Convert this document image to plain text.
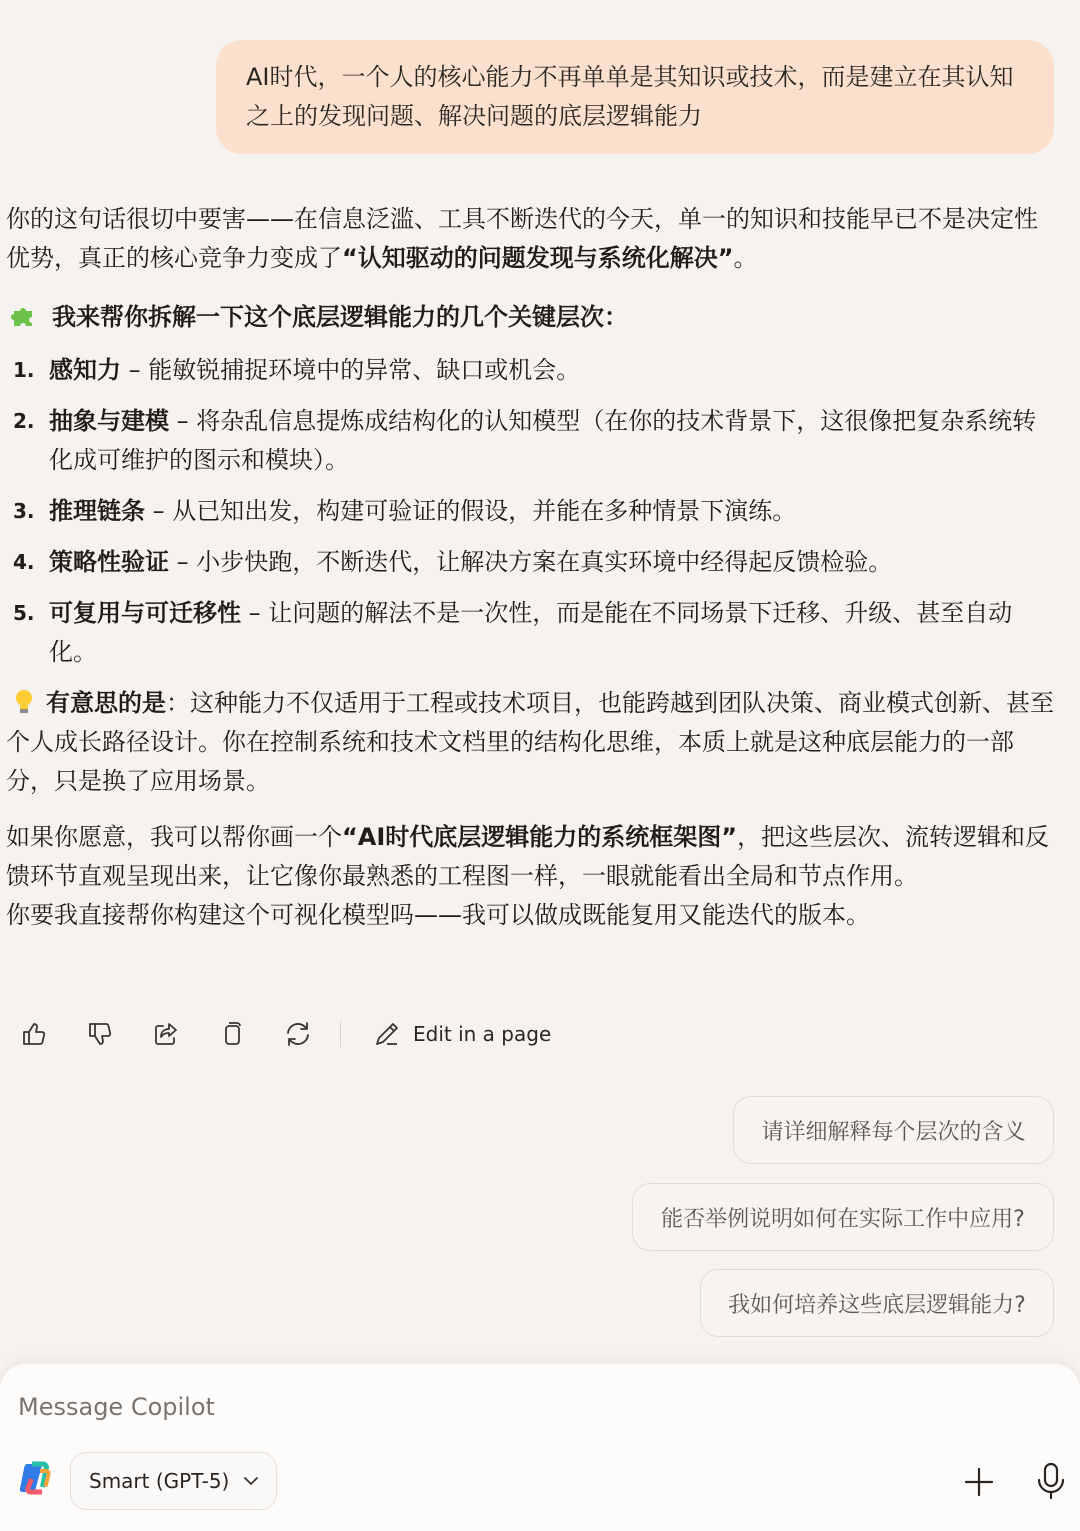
AI时代，一个人的核心能力不再单单是其知识或技术，而是建立在其认知之上的发现问题、解决问题的底层逻辑能力

你的这句话很切中要害——在信息泛滥、工具不断迭代的今天，单一的知识和技能早已不是决定性优势，真正的核心竞争力变成了“认知驱动的问题发现与系统化解决”。

我来帮你拆解一下这个底层逻辑能力的几个关键层次：
1. 感知力 – 能敏锐捕捉环境中的异常、缺口或机会。
2. 抽象与建模 – 将杂乱信息提炼成结构化的认知模型（在你的技术背景下，这很像把复杂系统转化成可维护的图示和模块）。
3. 推理链条 – 从已知出发，构建可验证的假设，并能在多种情景下演练。
4. 策略性验证 – 小步快跑，不断迭代，让解决方案在真实环境中经得起反馈检验。
5. 可复用与可迁移性 – 让问题的解法不是一次性，而是能在不同场景下迁移、升级、甚至自动化。

有意思的是：这种能力不仅适用于工程或技术项目，也能跨越到团队决策、商业模式创新、甚至个人成长路径设计。你在控制系统和技术文档里的结构化思维，本质上就是这种底层能力的一部分，只是换了应用场景。

如果你愿意，我可以帮你画一个“AI时代底层逻辑能力的系统框架图”，把这些层次、流转逻辑和反馈环节直观呈现出来，让它像你最熟悉的工程图一样，一眼就能看出全局和节点作用。

你要我直接帮你构建这个可视化模型吗——我可以做成既能复用又能迭代的版本。

Edit in a page
请详细解释每个层次的含义
能否举例说明如何在实际工作中应用?
我如何培养这些底层逻辑能力?
Message Copilot
Smart (GPT-5)
